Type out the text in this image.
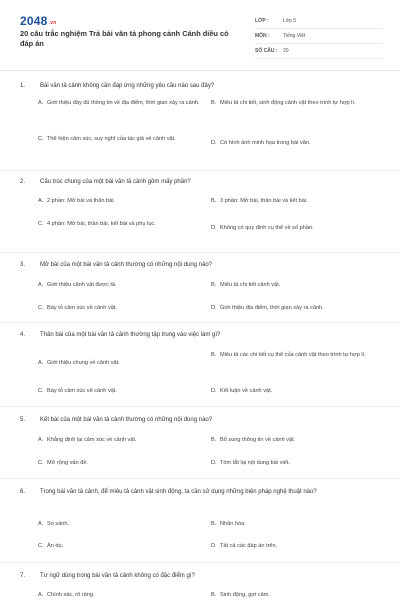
2048.vn
20 câu trắc nghiệm Trả bài văn tả phong cảnh Cánh diều có đáp án
LỚP :	Lớp 5
MÔN :	Tiếng Việt
SỐ CÂU :	20
1.	Bài văn tả cảnh không cần đáp ứng những yêu cầu nào sau đây?
A. Giới thiệu đầy đủ thông tin về địa điểm, thời gian xảy ra cảnh.	B. Miêu tả chi tiết, sinh động cảnh vật theo trình tự hợp lí.
C. Thể hiện cảm xúc, suy nghĩ của tác giả về cảnh vật.
D. Có hình ảnh minh họa trong bài văn.
2.	Cấu trúc chung của một bài văn tả cảnh gồm mấy phần?
A. 2 phần: Mở bài và thân bài.	B. 3 phần: Mở bài, thân bài và kết bài.
C. 4 phần: Mở bài, thân bài, kết bài và phụ lục.
D. Không có quy định cụ thể về số phần.
3.	Mở bài của một bài văn tả cảnh thường có những nội dung nào?
A. Giới thiệu cảnh vật được tả.	B. Miêu tả chi tiết cảnh vật.
C. Bày tỏ cảm xúc về cảnh vật.	D. Giới thiệu địa điểm, thời gian xảy ra cảnh.
4.	Thân bài của một bài văn tả cảnh thường tập trung vào việc làm gì?
A. Giới thiệu chung về cảnh vật.
B. Miêu tả các chi tiết cụ thể của cảnh vật theo trình tự hợp lí.
C. Bày tỏ cảm xúc về cảnh vật.	D. Kết luận về cảnh vật.
5.	Kết bài của một bài văn tả cảnh thường có những nội dung nào?
A. Khẳng định lại cảm xúc về cảnh vật.	B. Bổ sung thông tin về cảnh vật.
C. Mở rộng vấn đề.	D. Tóm tắt lại nội dung bài viết.
6.	Trong bài văn tả cảnh, để miêu tả cảnh vật sinh động, ta cần sử dụng những biện pháp nghệ thuật nào?
A. So sánh.	B. Nhân hóa.
C. Ẩn dụ.	D. Tất cả các đáp án trên.
7.	Từ ngữ dùng trong bài văn tả cảnh không có đặc điểm gì?
A. Chính xác, rõ ràng.	B. Sinh động, gợi cảm.
